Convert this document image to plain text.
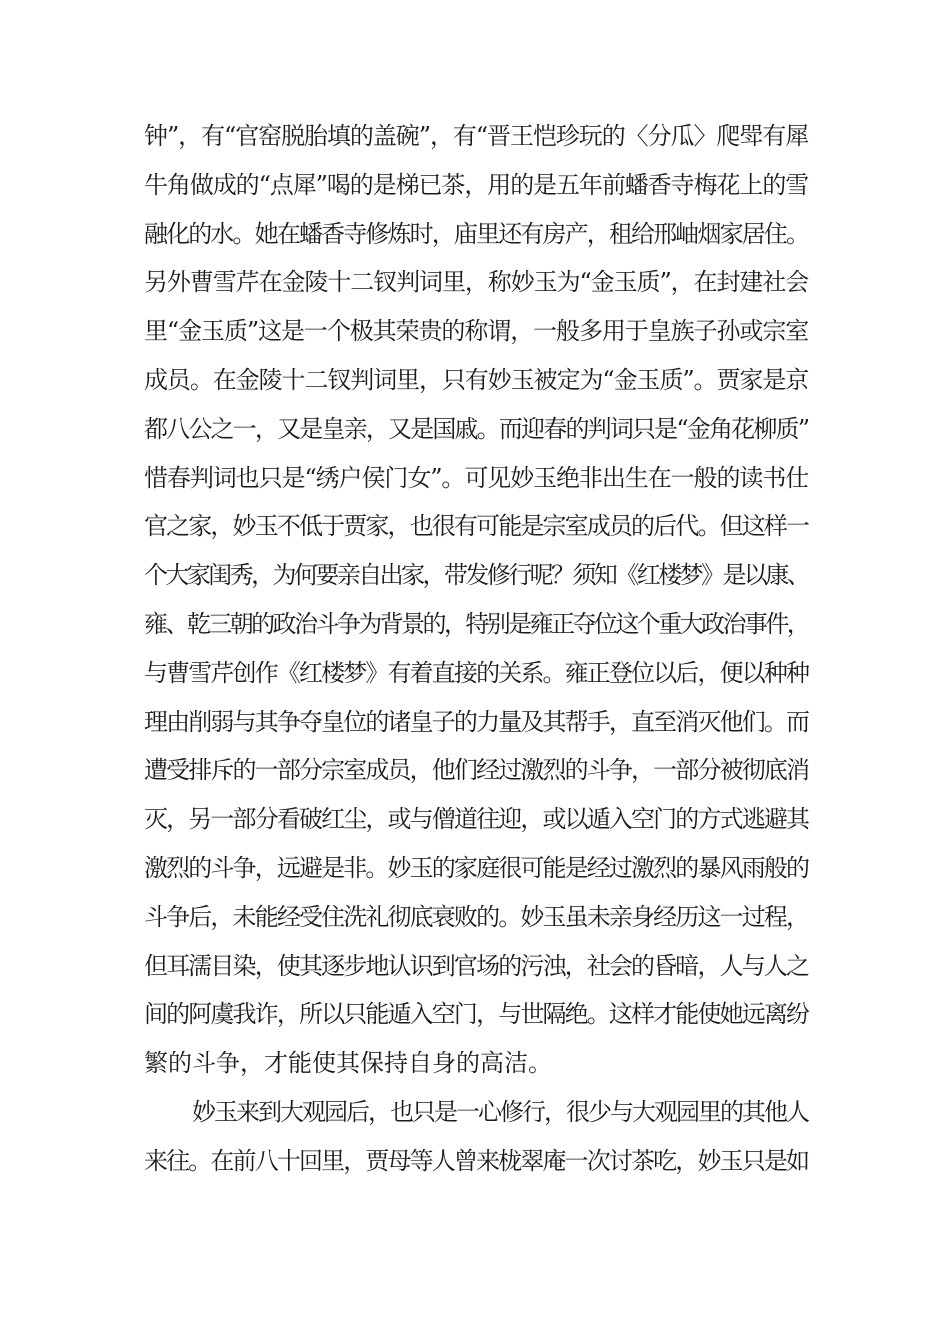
钟”，有“官窑脱胎填的盖碗”，有“晋王恺珍玩的〈分瓜〉爬斝有犀
牛角做成的“点犀”喝的是梯已茶，用的是五年前蟠香寺梅花上的雪
融化的水。她在蟠香寺修炼时，庙里还有房产，租给邢岫烟家居住。
另外曹雪芹在金陵十二钗判词里，称妙玉为“金玉质”，在封建社会
里“金玉质”这是一个极其荣贵的称谓，一般多用于皇族子孙或宗室
成员。在金陵十二钗判词里，只有妙玉被定为“金玉质”。贾家是京
都八公之一，又是皇亲，又是国戚。而迎春的判词只是“金角花柳质”
惜春判词也只是“绣户侯门女”。可见妙玉绝非出生在一般的读书仕
官之家，妙玉不低于贾家，也很有可能是宗室成员的后代。但这样一
个大家闺秀，为何要亲自出家，带发修行呢？须知《红楼梦》是以康、
雍、乾三朝的政治斗争为背景的，特别是雍正夺位这个重大政治事件，
与曹雪芹创作《红楼梦》有着直接的关系。雍正登位以后，便以种种
理由削弱与其争夺皇位的诸皇子的力量及其帮手，直至消灭他们。而
遭受排斥的一部分宗室成员，他们经过激烈的斗争，一部分被彻底消
灭，另一部分看破红尘，或与僧道往迎，或以遁入空门的方式逃避其
激烈的斗争，远避是非。妙玉的家庭很可能是经过激烈的暴风雨般的
斗争后，未能经受住洗礼彻底衰败的。妙玉虽未亲身经历这一过程，
但耳濡目染，使其逐步地认识到官场的污浊，社会的昏暗，人与人之
间的阿虞我诈，所以只能遁入空门，与世隔绝。这样才能使她远离纷
繁的斗争，才能使其保持自身的高洁。
妙玉来到大观园后，也只是一心修行，很少与大观园里的其他人
来往。在前八十回里，贾母等人曾来栊翠庵一次讨茶吃，妙玉只是如
